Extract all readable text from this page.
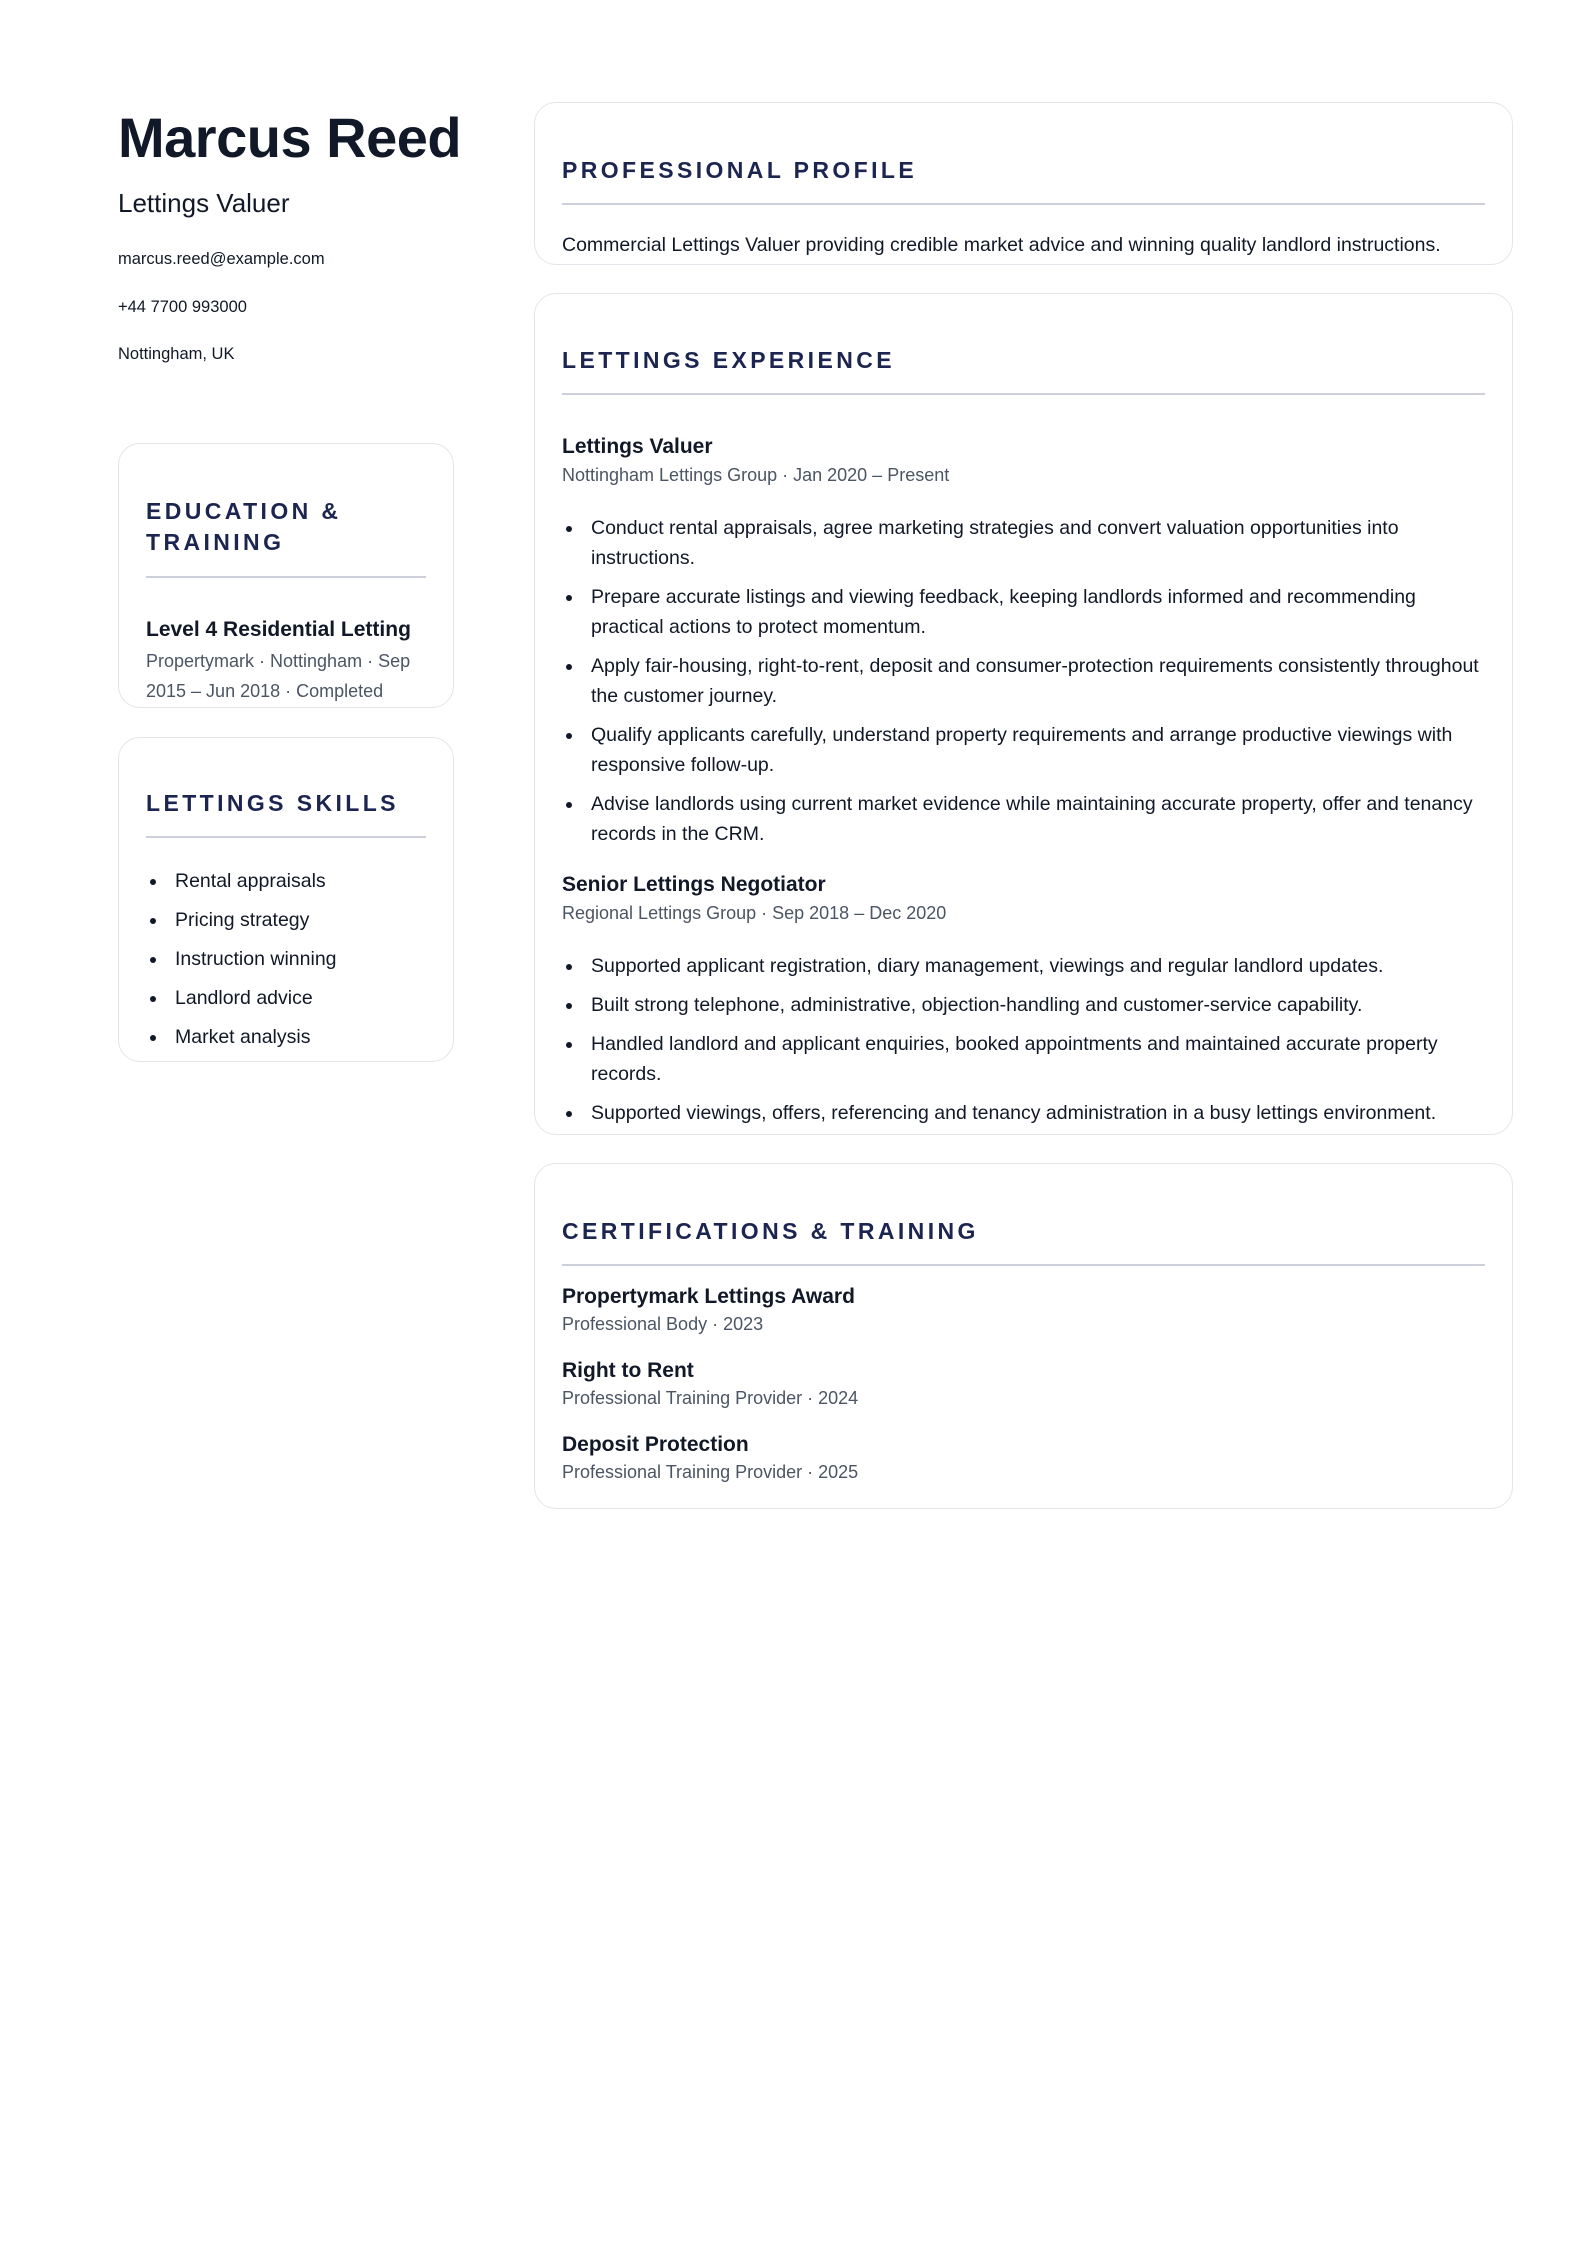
Marcus Reed
Lettings Valuer
marcus.reed@example.com
+44 7700 993000
Nottingham, UK
EDUCATION & TRAINING
Level 4 Residential Letting
Propertymark · Nottingham · Sep 2015 – Jun 2018 · Completed
LETTINGS SKILLS
Rental appraisals
Pricing strategy
Instruction winning
Landlord advice
Market analysis
PROFESSIONAL PROFILE
Commercial Lettings Valuer providing credible market advice and winning quality landlord instructions.
LETTINGS EXPERIENCE
Lettings Valuer
Nottingham Lettings Group · Jan 2020 – Present
Conduct rental appraisals, agree marketing strategies and convert valuation opportunities into instructions.
Prepare accurate listings and viewing feedback, keeping landlords informed and recommending practical actions to protect momentum.
Apply fair-housing, right-to-rent, deposit and consumer-protection requirements consistently throughout the customer journey.
Qualify applicants carefully, understand property requirements and arrange productive viewings with responsive follow-up.
Advise landlords using current market evidence while maintaining accurate property, offer and tenancy records in the CRM.
Senior Lettings Negotiator
Regional Lettings Group · Sep 2018 – Dec 2020
Supported applicant registration, diary management, viewings and regular landlord updates.
Built strong telephone, administrative, objection-handling and customer-service capability.
Handled landlord and applicant enquiries, booked appointments and maintained accurate property records.
Supported viewings, offers, referencing and tenancy administration in a busy lettings environment.
CERTIFICATIONS & TRAINING
Propertymark Lettings Award
Professional Body · 2023
Right to Rent
Professional Training Provider · 2024
Deposit Protection
Professional Training Provider · 2025
